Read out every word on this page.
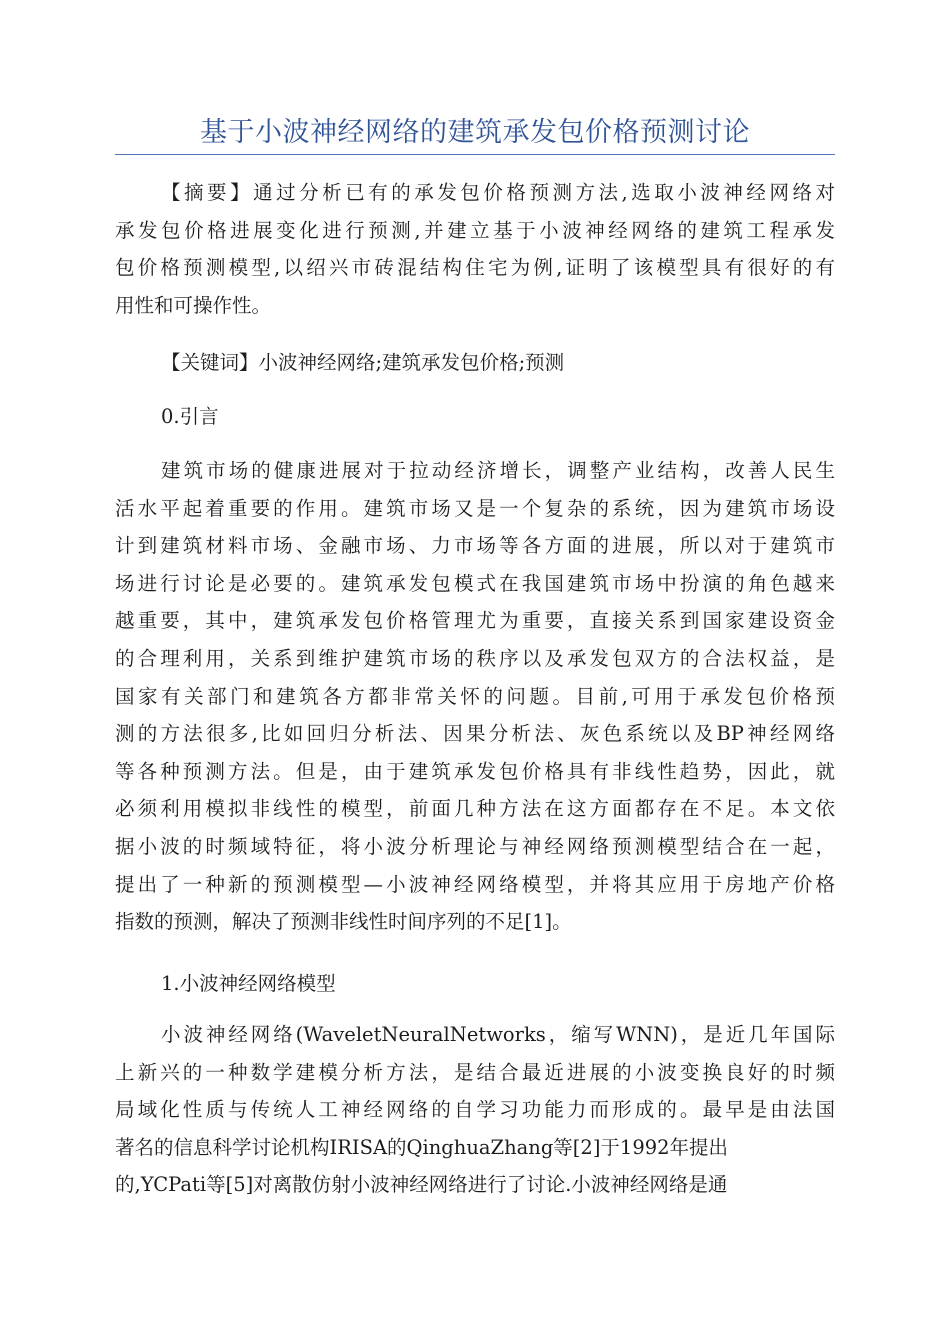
基于小波神经网络的建筑承发包价格预测讨论
【摘要】通过分析已有的承发包价格预测方法,选取小波神经网络对
承发包价格进展变化进行预测,并建立基于小波神经网络的建筑工程承发
包价格预测模型,以绍兴市砖混结构住宅为例,证明了该模型具有很好的有
用性和可操作性。
【关键词】小波神经网络;建筑承发包价格;预测
0.引言
建筑市场的健康进展对于拉动经济增长，调整产业结构，改善人民生
活水平起着重要的作用。建筑市场又是一个复杂的系统，因为建筑市场设
计到建筑材料市场、金融市场、力市场等各方面的进展，所以对于建筑市
场进行讨论是必要的。建筑承发包模式在我国建筑市场中扮演的角色越来
越重要，其中，建筑承发包价格管理尤为重要，直接关系到国家建设资金
的合理利用，关系到维护建筑市场的秩序以及承发包双方的合法权益，是
国家有关部门和建筑各方都非常关怀的问题。目前,可用于承发包价格预
测的方法很多,比如回归分析法、因果分析法、灰色系统以及BP神经网络
等各种预测方法。但是，由于建筑承发包价格具有非线性趋势，因此，就
必须利用模拟非线性的模型，前面几种方法在这方面都存在不足。本文依
据小波的时频域特征，将小波分析理论与神经网络预测模型结合在一起，
提出了一种新的预测模型—小波神经网络模型，并将其应用于房地产价格
指数的预测，解决了预测非线性时间序列的不足[1]。
1.小波神经网络模型
小波神经网络(WaveletNeuralNetworks，缩写WNN)，是近几年国际
上新兴的一种数学建模分析方法，是结合最近进展的小波变换良好的时频
局域化性质与传统人工神经网络的自学习功能力而形成的。最早是由法国
著名的信息科学讨论机构IRISA的QinghuaZhang等[2]于1992年提出
的,YCPati等[5]对离散仿射小波神经网络进行了讨论.小波神经网络是通
